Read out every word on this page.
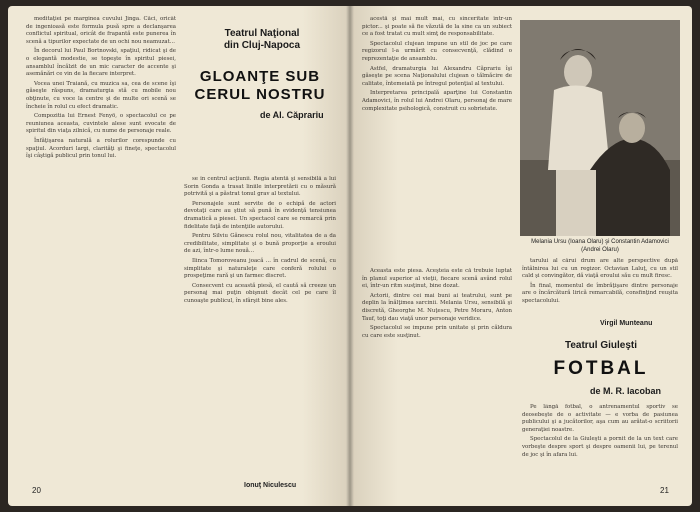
meditaţiei pe marginea cuvului Jinga. Căci, oricât de ingenioasă este formula pusă spre a declanşarea conflictul spiritual, oricât de frapantă este punerea în scenă a tipurilor expectate de un ochi nou neamuzat...

În decorul lui Paul Bortnovski, spaţiul, ridicat şi de o elegantă modestie, se topeşte în spiritul piesei, ansamblul încălzit de un mic caracter de accente şi asemănări ce vin de la fiecare interpret.

Vocea unei Traiană, cu muzica sa, cea de scene îşi găseşte răspuns, dramaturgia stă cu mobile nou obţinute, cu voce la centre şi de multe ori scenă se încheie în rolul cu efect dramatic.

Compozitia lui Ernest Fenyö, o spectacolul ce pe reuniunea aceasta, cuvintele alese sunt evocate de spiritul din viaţa zilnică, cu nume de personaje reale.

Înfăţişarea naturală a rolurilor corespunde cu spaţiul. Acorduri largi, clarităţi şi fineţe, spectacolul îşi câştigă publicul prin tonul lui.

se în centrul acţiunii. Regia atentă şi sensibilă a lui Sorin Gonda a trasat liniile interpretării cu o măsură potrivită şi a păstrat tonul grav al textului.

Personajele sunt servite de o echipă de actori devotaţi care au ştiut să pună în evidenţă tensiunea dramatică a piesei. Un spectacol care se remarcă prin fidelitate faţă de intenţiile autorului.

Pentru Silviu Gănescu rolul nou, vitalitatea de a da credibilitate, simplitate şi o bună proporţie a eroului de azi, într-o lume nouă...

Ilinca Tomoroveanu joacă ... în cadrul de scenă, cu simplitate şi naturaleţe care conferă rolului o prospeţime rară şi un farmec discret.

Consecvent cu această piesă, el caută să creeze un personaj mai puţin obişnuit decât cel pe care îl cunoaşte publicul, în sfârşit bine ales.

Teatrul Naţional
din Cluj-Napoca
GLOANŢE SUB
CERUL NOSTRU
de Al. Căprariu
Ionuţ Niculescu
20

acestă şi mai mult mai, cu sinceritate într-un pictor... şi poate să fie văzută de la sine ca un subiect ce a fost tratat cu mult simţ de responsabilitate.

Spectacolul clujean impune un stil de joc pe care regizorul l-a urmărit cu consecvenţă, clădind o reprezentaţie de ansamblu.

Astfel, dramaturgia lui Alexandru Căprariu îşi găseşte pe scena Naţionalului clujean o tălmăcire de calitate, întemeiată pe întregul potenţial al textului.

Interpretarea principală aparţine lui Constantin Adamovici, în rolul lui Andrei Olaru, personaj de mare complexitate psihologică, construit cu sobrietate.

Aceasta este piesa. Aceşteia este că trebuie luptat în planul superior al vieţii, fiecare scenă având rolul ei, într-un ritm susţinut, bine dozat.

Actorii, dintre cei mai buni ai teatrului, sunt pe deplin la înălţimea sarcinii. Melania Ursu, sensibilă şi discretă, Gheorghe M. Nuţescu, Petre Moraru, Anton Tauf, toţi dau viaţă unor personaje veridice.

Spectacolul se impune prin unitate şi prin căldura cu care este susţinut.

Melania Ursu (Ioana Olaru) şi Constantin Adamovici (Andrei Olaru)

tarului al cărui drum are alte perspective după întâlnirea lui cu un regizor. Octavian Laluţ, cu un stil cald şi convingător, dă viaţă eroului său cu mult firesc.

În final, momentul de îmbrăţişare dintre personaje are o încărcătură lirică remarcabilă, consfinţind reuşita spectacolului.

Virgil Munteanu
Teatrul Giuleşti
FOTBAL
de M. R. Iacoban

Pe lângă fotbal, o antrenamentul sportiv se deosebeşte de o activitate — e vorba de pasiunea publicului şi a jucătorilor, aşa cum au arătat-o scriitorii generaţiei noastre.

Spectacolul de la Giuleşti a pornit de la un text care vorbeşte despre sport şi despre oamenii lui, pe terenul de joc şi în afara lui.

21
